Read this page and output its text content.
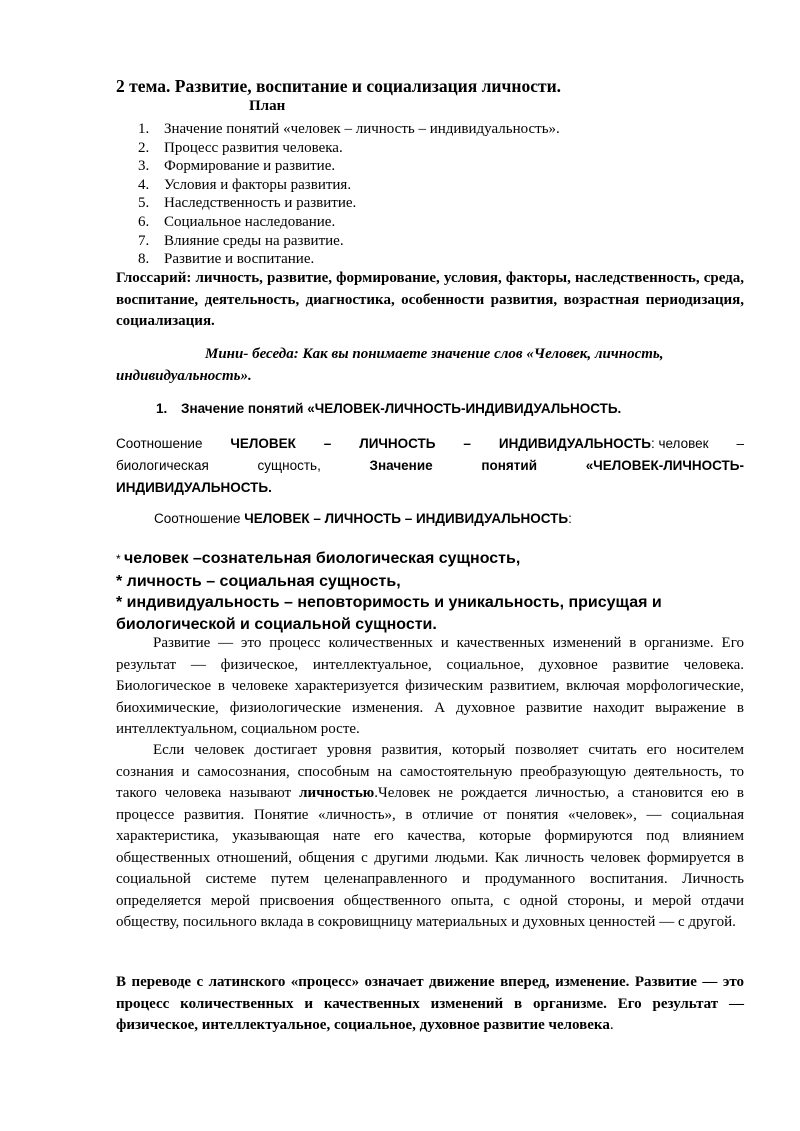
2 тема. Развитие, воспитание и социализация личности.
План
1. Значение понятий «человек – личность – индивидуальность».
2. Процесс развития человека.
3. Формирование и развитие.
4. Условия и факторы развития.
5. Наследственность и развитие.
6. Социальное наследование.
7. Влияние среды на развитие.
8. Развитие и воспитание.
Глоссарий: личность, развитие, формирование, условия, факторы, наследственность, среда, воспитание, деятельность, диагностика, особенности развития, возрастная периодизация, социализация.
Мини- беседа: Как вы понимаете значение слов «Человек, личность,
индивидуальность».
1. Значение понятий «ЧЕЛОВЕК-ЛИЧНОСТЬ-ИНДИВИДУАЛЬНОСТЬ.
Соотношение ЧЕЛОВЕК – ЛИЧНОСТЬ – ИНДИВИДУАЛЬНОСТЬ: человек –
биологическая	сущность,	Значение	понятий	«ЧЕЛОВЕК-ЛИЧНОСТЬ-
ИНДИВИДУАЛЬНОСТЬ.
Соотношение ЧЕЛОВЕК – ЛИЧНОСТЬ – ИНДИВИДУАЛЬНОСТЬ:
* человек –сознательная биологическая сущность,
* личность – социальная сущность,
* индивидуальность – неповторимость и уникальность, присущая и биологической и социальной сущности.

Развитие — это процесс количественных и качественных изменений в организме. Его результат — физическое, интеллектуальное, социальное, духовное развитие человека. Биологическое в человеке характеризуется физическим развитием, включая морфологические, биохимические, физиологические изменения. А духовное развитие находит выражение в интеллектуальном, социальном росте.

Если человек достигает уровня развития, который позволяет считать его носителем сознания и самосознания, способным на самостоятельную преобразующую деятельность, то такого человека называют личностью.Человек не рождается личностью, а становится ею в процессе развития. Понятие «личность», в отличие от понятия «человек», — социальная характеристика, указывающая нате его качества, которые формируются под влиянием общественных отношений, общения с другими людьми. Как личность человек формируется в социальной системе путем целенаправленного и продуманного воспитания. Личность определяется мерой присвоения общественного опыта, с одной стороны, и мерой отдачи обществу, посильного вклада в сокровищницу материальных и духовных ценностей — с другой.

В переводе с латинского «процесс» означает движение вперед, изменение. Развитие — это процесс количественных и качественных изменений в организме. Его результат — физическое, интеллектуальное, социальное, духовное развитие человека.
